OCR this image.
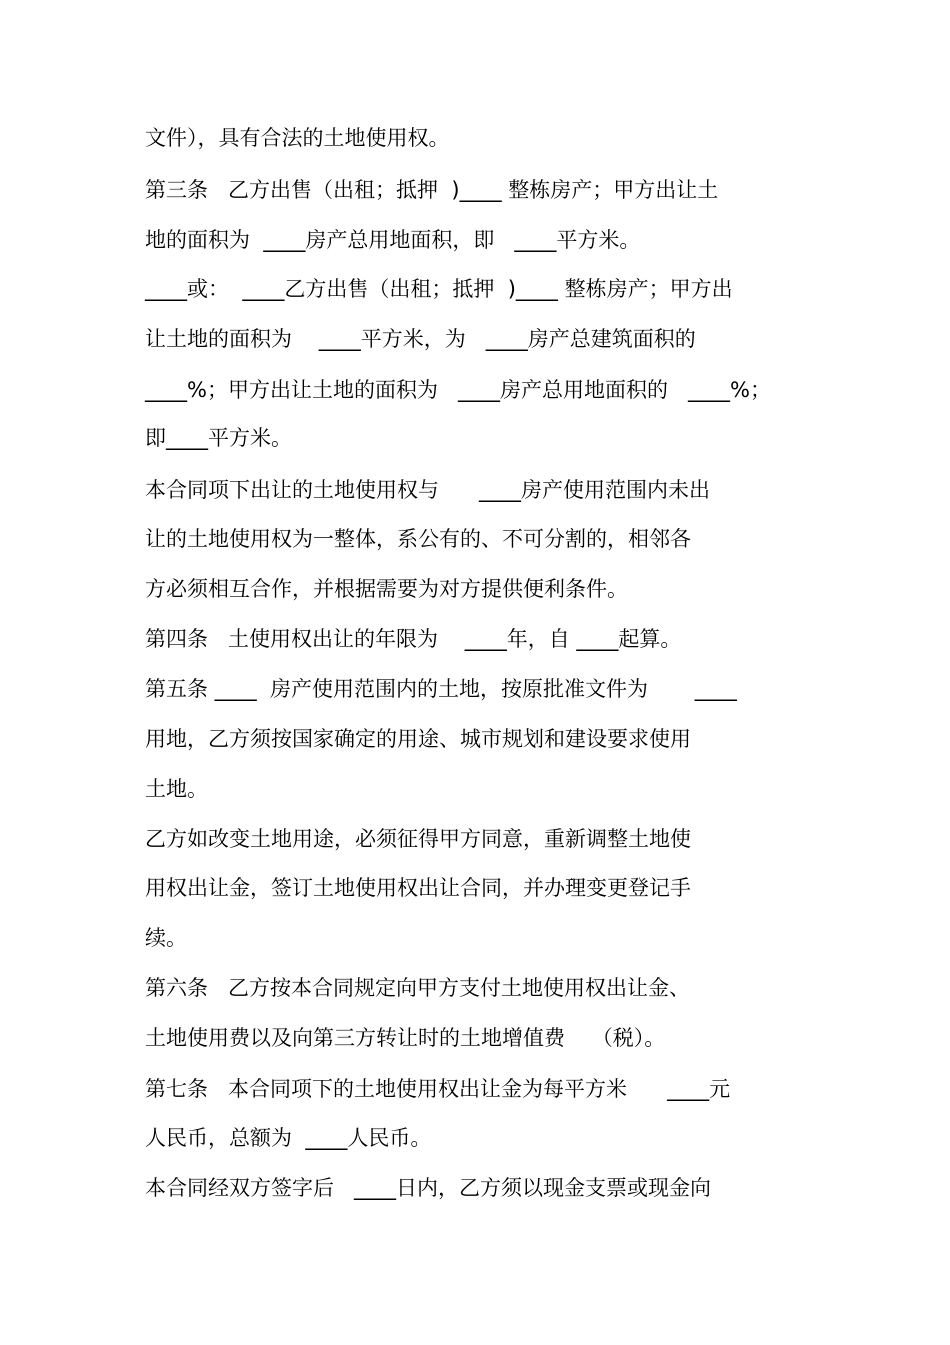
文件），具有合法的土地使用权。
第三条   乙方出售（出租；抵押  )____ 整栋房产；甲方出让土
地的面积为  ____房产总用地面积，即   ____平方米。
____或：  ____乙方出售（出租；抵押  )____ 整栋房产；甲方出
让土地的面积为    ____平方米，为   ____房产总建筑面积的
____%；甲方出让土地的面积为   ____房产总用地面积的   ____%；
即____平方米。
本合同项下出让的土地使用权与      ____房产使用范围内未出
让的土地使用权为一整体，系公有的、不可分割的，相邻各
方必须相互合作，并根据需要为对方提供便利条件。
第四条   土使用权出让的年限为    ____年，自 ____起算。
第五条 ____  房产使用范围内的土地，按原批准文件为       ____
用地，乙方须按国家确定的用途、城市规划和建设要求使用
土地。
乙方如改变土地用途，必须征得甲方同意，重新调整土地使
用权出让金，签订土地使用权出让合同，并办理变更登记手
续。
第六条   乙方按本合同规定向甲方支付土地使用权出让金、
土地使用费以及向第三方转让时的土地增值费    （税）。
第七条   本合同项下的土地使用权出让金为每平方米      ____元
人民币，总额为  ____人民币。
本合同经双方签字后   ____日内，乙方须以现金支票或现金向
